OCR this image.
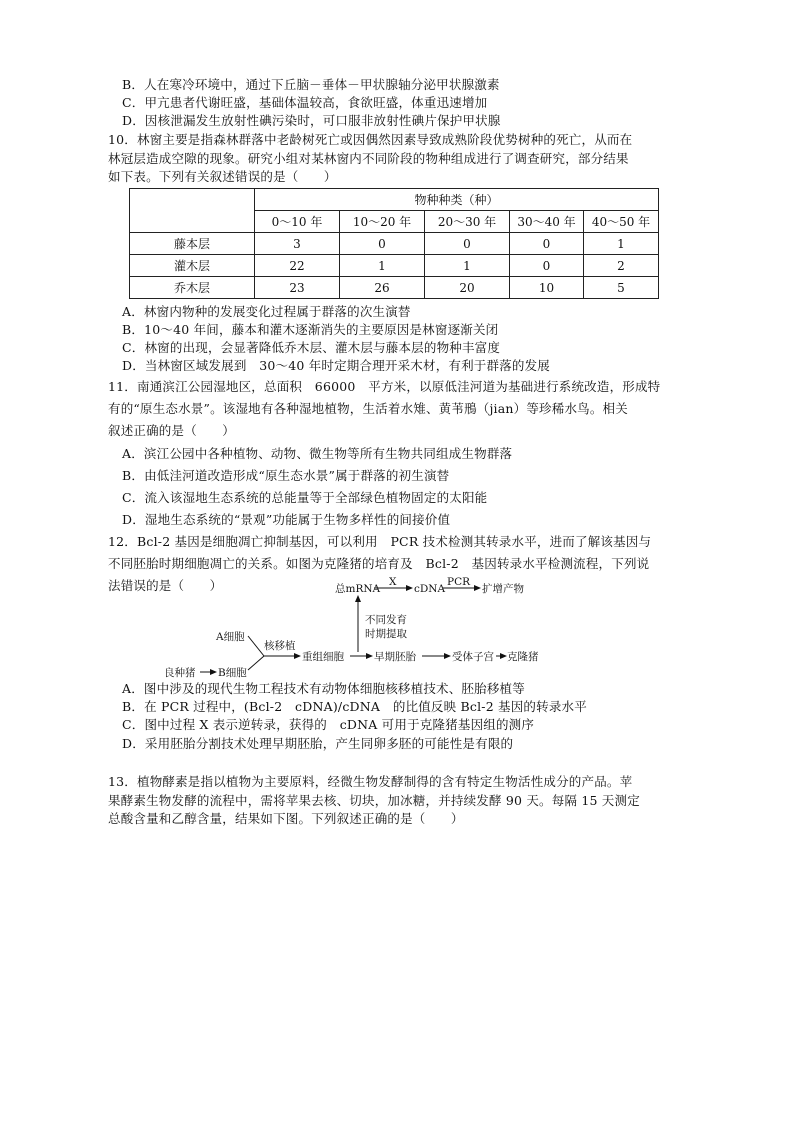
B．人在寒冷环境中，通过下丘脑－垂体－甲状腺轴分泌甲状腺激素
C．甲亢患者代谢旺盛，基础体温较高，食欲旺盛，体重迅速增加
D．因核泄漏发生放射性碘污染时，可口服非放射性碘片保护甲状腺
10．林窗主要是指森林群落中老龄树死亡或因偶然因素导致成熟阶段优势树种的死亡，从而在
林冠层造成空隙的现象。研究小组对某林窗内不同阶段的物种组成进行了调查研究，部分结果
如下表。下列有关叙述错误的是（　　）
	物种种类（种）				
	0～10 年	10～20 年	20～30 年	30～40 年	40～50 年
藤本层	3	0	0	0	1
灌木层	22	1	1	0	2
乔木层	23	26	20	10	5
A．林窗内物种的发展变化过程属于群落的次生演替
B．10～40 年间，藤本和灌木逐渐消失的主要原因是林窗逐渐关闭
C．林窗的出现，会显著降低乔木层、灌木层与藤本层的物种丰富度
D．当林窗区域发展到　30～40 年时定期合理开采木材，有利于群落的发展
11．南通滨江公园湿地区，总面积　66000　平方米，以原低洼河道为基础进行系统改造，形成特
有的“原生态水景”。该湿地有各种湿地植物，生活着水雉、黄苇鳽（jian）等珍稀水鸟。相关
叙述正确的是（　　）
A．滨江公园中各种植物、动物、微生物等所有生物共同组成生物群落
B．由低洼河道改造形成“原生态水景”属于群落的初生演替
C．流入该湿地生态系统的总能量等于全部绿色植物固定的太阳能
D．湿地生态系统的“景观”功能属于生物多样性的间接价值
12．Bcl-2 基因是细胞凋亡抑制基因，可以利用　PCR 技术检测其转录水平，进而了解该基因与
不同胚胎时期细胞凋亡的关系。如图为克隆猪的培育及　Bcl-2　基因转录水平检测流程，下列说
法错误的是（　　）	总mRNA
X
cDNA
PCR
扩增产物
不同发育
时期提取
A细胞
良种猪 B细胞
核移植
重组细胞	早期胚胎	受体子宫 克隆猪
A．图中涉及的现代生物工程技术有动物体细胞核移植技术、胚胎移植等
B．在 PCR 过程中，(Bcl-2　cDNA)/cDNA　的比值反映 Bcl-2 基因的转录水平
C．图中过程 X 表示逆转录，获得的　cDNA 可用于克隆猪基因组的测序
D．采用胚胎分割技术处理早期胚胎，产生同卵多胚的可能性是有限的
13．植物酵素是指以植物为主要原料，经微生物发酵制得的含有特定生物活性成分的产品。苹
果酵素生物发酵的流程中，需将苹果去核、切块，加冰糖，并持续发酵 90 天。每隔 15 天测定
总酸含量和乙醇含量，结果如下图。下列叙述正确的是（　　）
